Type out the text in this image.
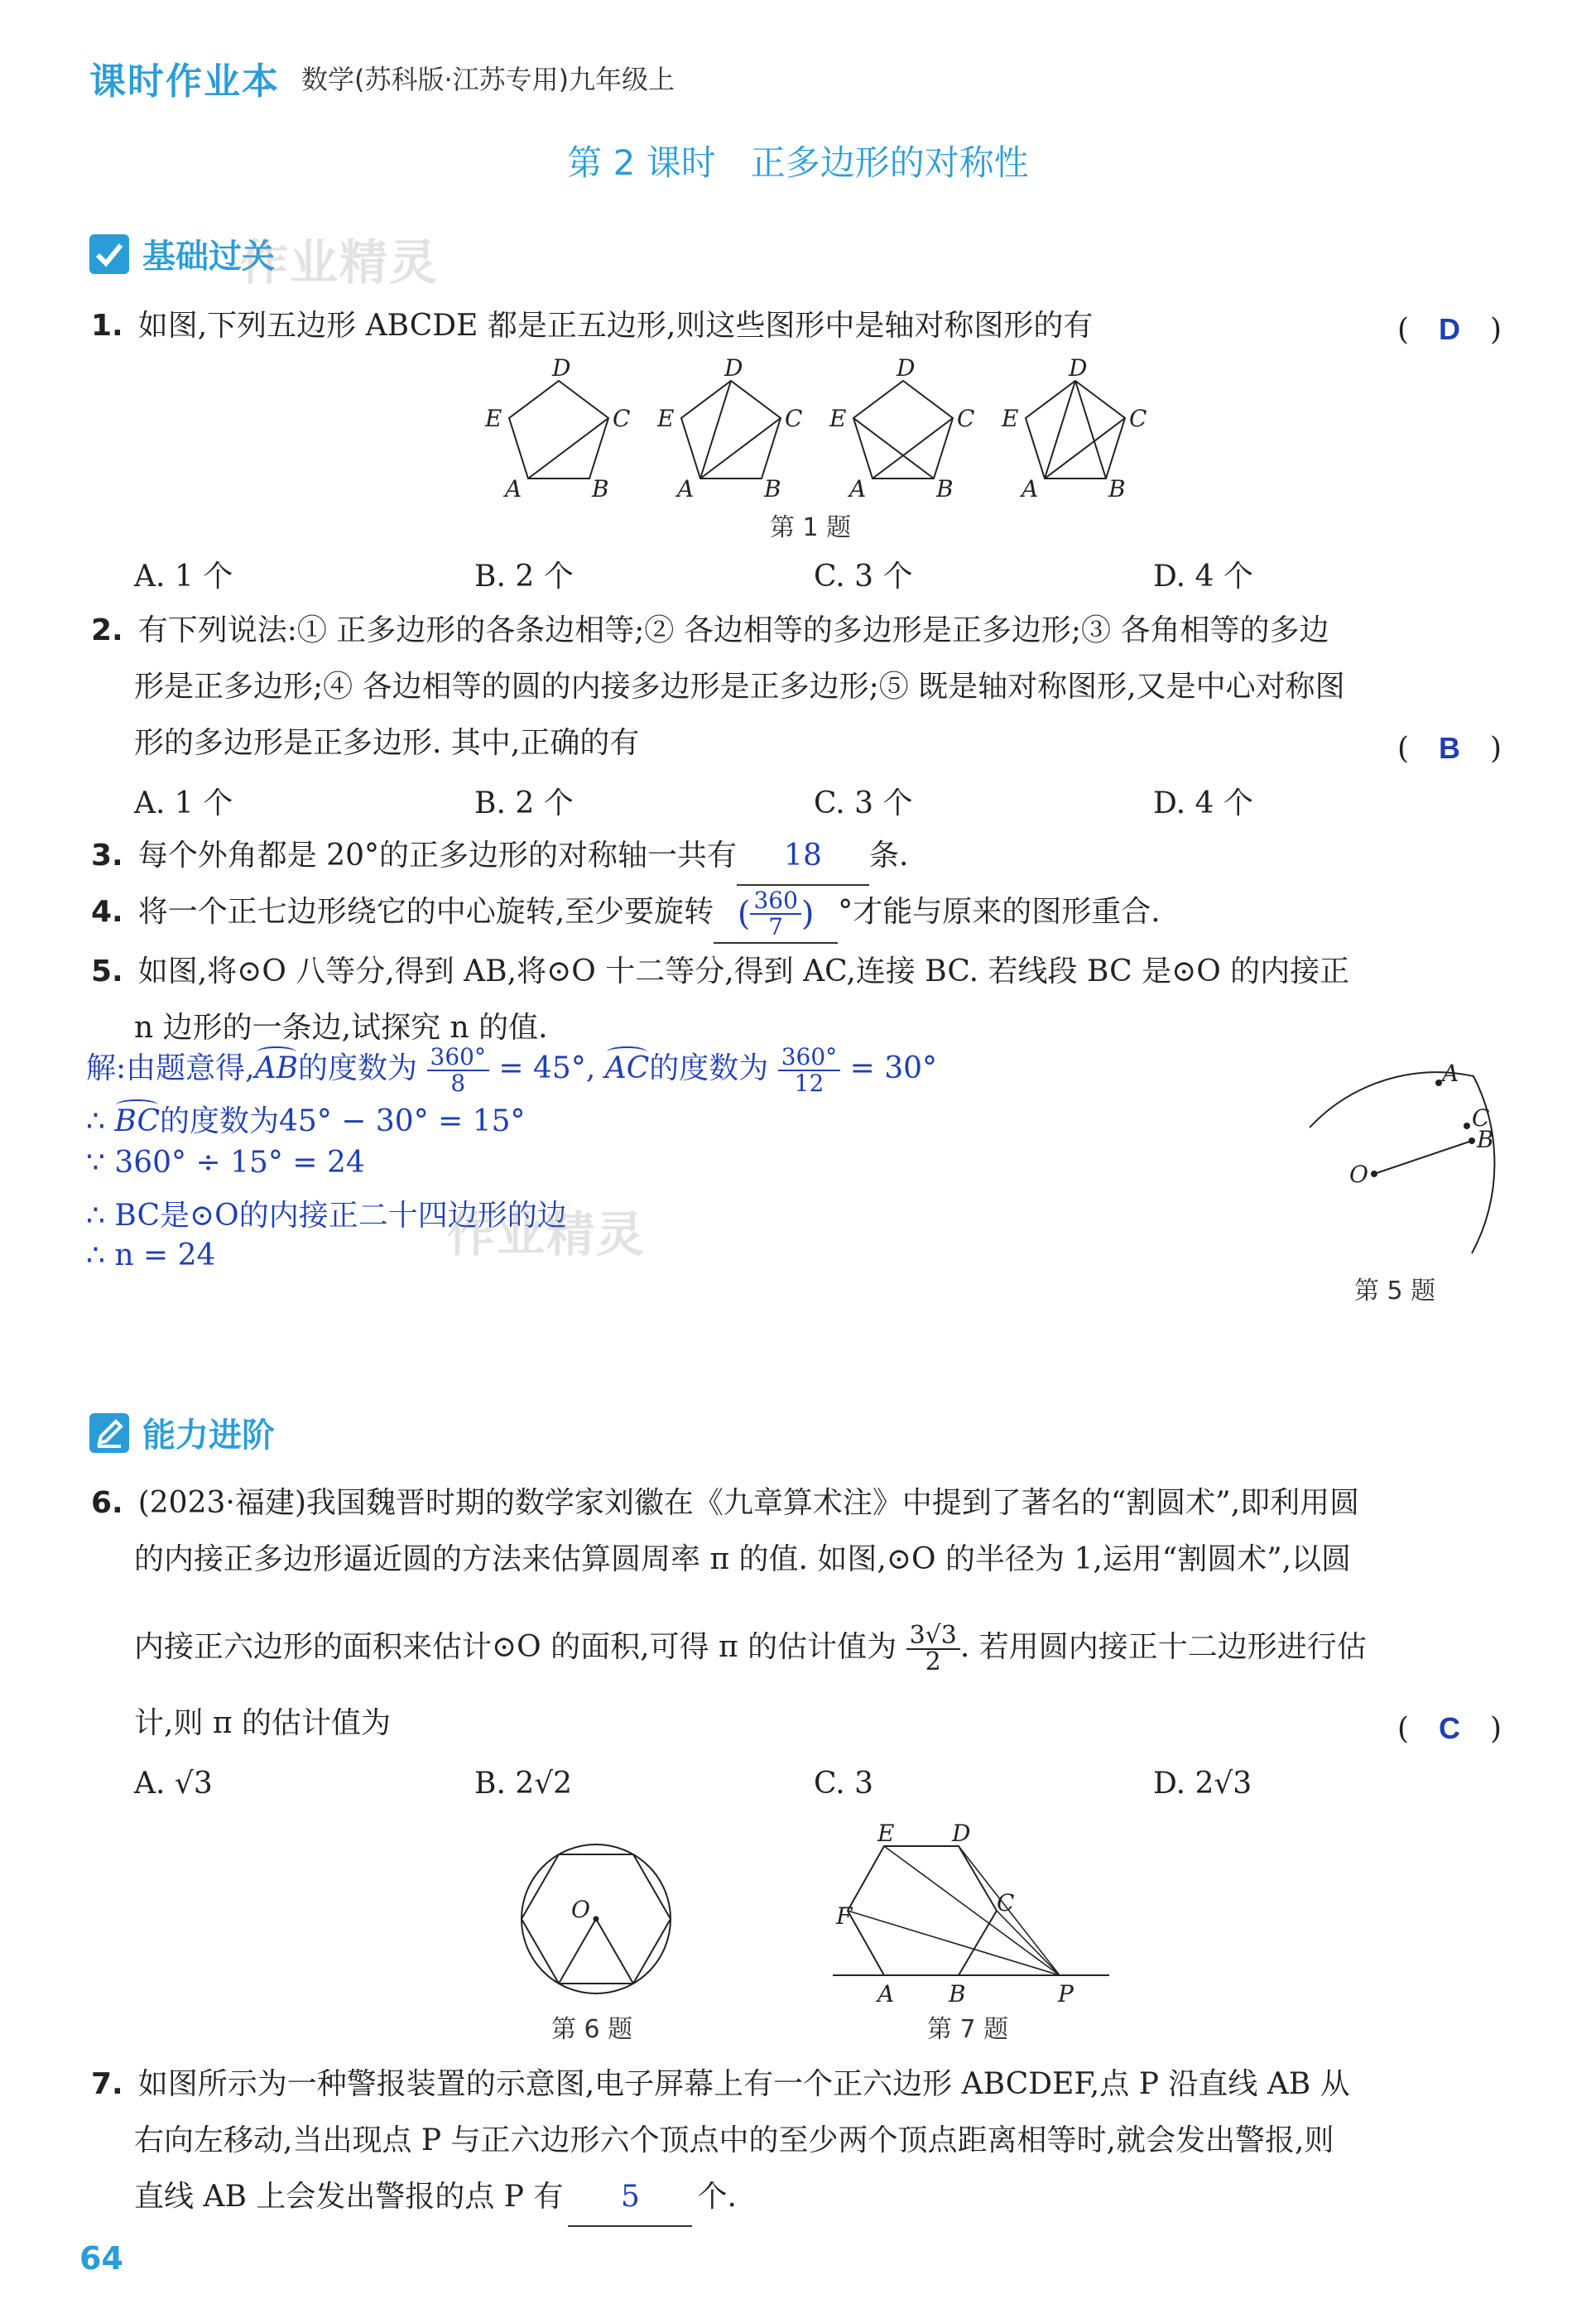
课时作业本 数学(苏科版·江苏专用)九年级上
第 2 课时　正多边形的对称性
基础过关
作业精灵
1. 如图,下列五边形 ABCDE 都是正五边形,则这些图形中是轴对称图形的有	(　D　)
D
E	C
A	B
D
E	C
A	B
D
E	C
A	B
D
E	C
A	B
第 1 题
A. 1 个	B. 2 个	C. 3 个	D. 4 个
2. 有下列说法:① 正多边形的各条边相等;② 各边相等的多边形是正多边形;③ 各角相等的多边
形是正多边形;④ 各边相等的圆的内接多边形是正多边形;⑤ 既是轴对称图形,又是中心对称图
形的多边形是正多边形. 其中,正确的有	(　B　)
A. 1 个	B. 2 个	C. 3 个	D. 4 个
3. 每个外角都是 20°的正多边形的对称轴一共有 18 条.
4. 将一个正七边形绕它的中心旋转,至少要旋转 ( $\frac{360}{7}$ ) °才能与原来的图形重合.
5. 如图,将⊙O 八等分,得到 AB,将⊙O 十二等分,得到 AC,连接 BC. 若线段 BC 是⊙O 的内接正
n 边形的一条边,试探究 n 的值.
解:由题意得,AB的度数为 $\frac{360^\circ}{8} = 45^\circ$, AC的度数为 $\frac{360^\circ}{12} = 30^\circ$
∴ BC的度数为45° − 30° = 15°
∵ 360° ÷ 15° = 24
∴ BC是⊙O的内接正二十四边形的边
∴ n = 24	作业精灵
A
C
B
O
第 5 题
能力进阶
6. (2023·福建)我国魏晋时期的数学家刘徽在《九章算术注》中提到了著名的“割圆术”,即利用圆
的内接正多边形逼近圆的方法来估算圆周率 π 的值. 如图,⊙O 的半径为 1,运用“割圆术”,以圆
内接正六边形的面积来估计⊙O 的面积,可得 π 的估计值为 $\frac{3√3}{2}$ . 若用圆内接正十二边形进行估
计,则 π 的估计值为	(　C　)
A. √3	B. 2√2	C. 3	D. 2√3
O
第 6 题
E D
C
F
A B	P
第 7 题
7. 如图所示为一种警报装置的示意图,电子屏幕上有一个正六边形 ABCDEF,点 P 沿直线 AB 从
右向左移动,当出现点 P 与正六边形六个顶点中的至少两个顶点距离相等时,就会发出警报,则
直线 AB 上会发出警报的点 P 有 5 个.
64
